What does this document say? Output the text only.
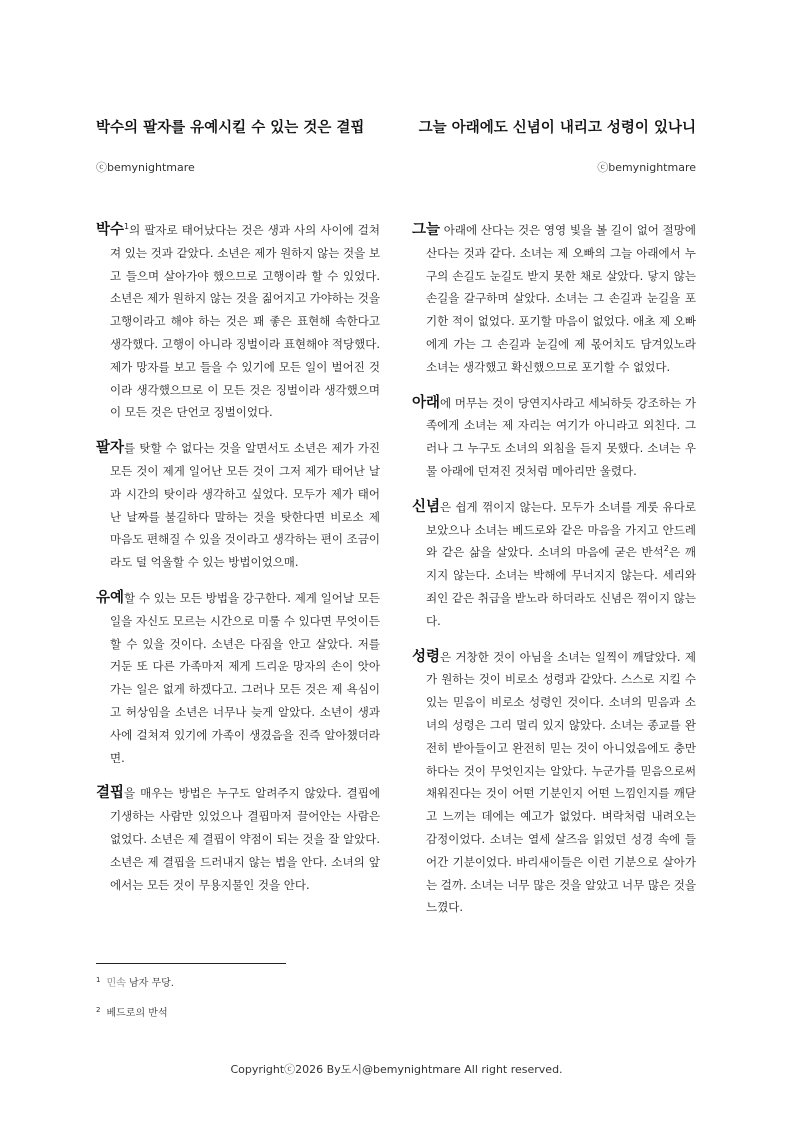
박수의 팔자를 유예시킬 수 있는 것은 결핍
ⓒbemynightmare

박수$^1$의 팔자로 태어났다는 것은 생과 사의 사이에 걸쳐져 있는 것과 같았다. 소년은 제가 원하지 않는 것을 보고 들으며 살아가야 했으므로 고행이라 할 수 있었다. 소년은 제가 원하지 않는 것을 짊어지고 가야하는 것을 고행이라고 해야 하는 것은 꽤 좋은 표현해 속한다고 생각했다. 고행이 아니라 징벌이라 표현해야 적당했다. 제가 망자를 보고 들을 수 있기에 모든 일이 벌어진 것이라 생각했으므로 이 모든 것은 징벌이라 생각했으며 이 모든 것은 단언코 징벌이었다.

팔자를 탓할 수 없다는 것을 알면서도 소년은 제가 가진 모든 것이 제게 일어난 모든 것이 그저 제가 태어난 날과 시간의 탓이라 생각하고 싶었다. 모두가 제가 태어난 날짜를 불길하다 말하는 것을 탓한다면 비로소 제 마음도 편해질 수 있을 것이라고 생각하는 편이 조금이라도 덜 억울할 수 있는 방법이었으매.

유예할 수 있는 모든 방법을 강구한다. 제게 일어날 모든 일을 자신도 모르는 시간으로 미룰 수 있다면 무엇이든 할 수 있을 것이다. 소년은 다짐을 안고 살았다. 저를 거둔 또 다른 가족마저 제게 드리운 망자의 손이 앗아가는 일은 없게 하겠다고. 그러나 모든 것은 제 욕심이고 허상임을 소년은 너무나 늦게 알았다. 소년이 생과 사에 걸쳐져 있기에 가족이 생겼음을 진즉 알아챘더라면.

결핍을 매우는 방법은 누구도 알려주지 않았다. 결핍에 기생하는 사람만 있었으나 결핍마저 끌어안는 사람은 없었다. 소년은 제 결핍이 약점이 되는 것을 잘 알았다. 소년은 제 결핍을 드러내지 않는 법을 안다. 소녀의 앞에서는 모든 것이 무용지물인 것을 안다.

그늘 아래에도 신념이 내리고 성령이 있나니
ⓒbemynightmare

그늘 아래에 산다는 것은 영영 빛을 볼 길이 없어 절망에 산다는 것과 같다. 소녀는 제 오빠의 그늘 아래에서 누구의 손길도 눈길도 받지 못한 채로 살았다. 닿지 않는 손길을 갈구하며 살았다. 소녀는 그 손길과 눈길을 포기한 적이 없었다. 포기할 마음이 없었다. 애초 제 오빠에게 가는 그 손길과 눈길에 제 몫어치도 담겨있노라 소녀는 생각했고 확신했으므로 포기할 수 없었다.

아래에 머무는 것이 당연지사라고 세뇌하듯 강조하는 가족에게 소녀는 제 자리는 여기가 아니라고 외친다. 그러나 그 누구도 소녀의 외침을 듣지 못했다. 소녀는 우물 아래에 던져진 것처럼 메아리만 울렸다.

신념은 쉽게 꺾이지 않는다. 모두가 소녀를 게룻 유다로 보았으나 소녀는 베드로와 같은 마음을 가지고 안드레와 같은 삶을 살았다. 소녀의 마음에 굳은 반석$^2$은 깨지지 않는다. 소녀는 박해에 무너지지 않는다. 세리와 죄인 같은 취급을 받노라 하더라도 신념은 꺾이지 않는다.

성령은 거창한 것이 아님을 소녀는 일찍이 깨달았다. 제가 원하는 것이 비로소 성령과 같았다. 스스로 지킬 수 있는 믿음이 비로소 성령인 것이다. 소녀의 믿음과 소녀의 성령은 그리 멀리 있지 않았다. 소녀는 종교를 완전히 받아들이고 완전히 믿는 것이 아니었음에도 충만하다는 것이 무엇인지는 알았다. 누군가를 믿음으로써 채워진다는 것이 어떤 기분인지 어떤 느낌인지를 깨닫고 느끼는 데에는 예고가 없었다. 벼락처럼 내려오는 감정이었다. 소녀는 열세 살즈음 읽었던 성경 속에 들어간 기분이었다. 바리새이들은 이런 기분으로 살아가는 걸까. 소녀는 너무 많은 것을 알았고 너무 많은 것을 느꼈다.

$^1$ 민속 남자 무당.
$^2$ 베드로의 반석
Copyrightⓒ2026 By도시@bemynightmare All right reserved.
